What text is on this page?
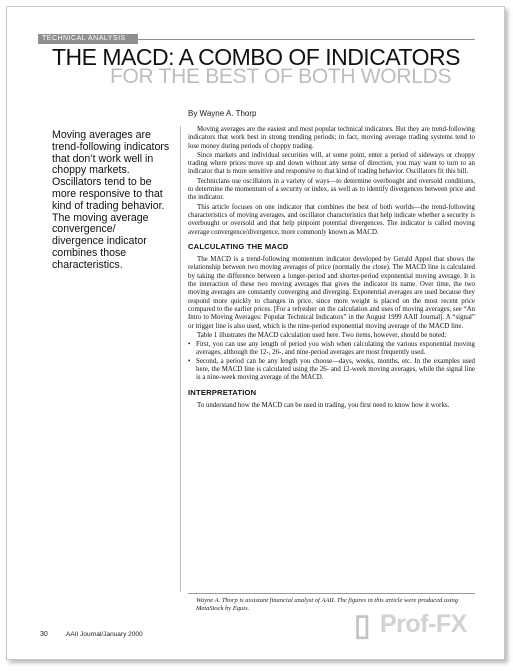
TECHNICAL ANALYSIS
THE MACD: A COMBO OF INDICATORS
FOR THE BEST OF BOTH WORLDS
By Wayne A. Thorp

Moving averages are trend-following indicators that don’t work well in choppy markets. Oscillators tend to be more responsive to that kind of trading behavior. The moving average convergence/ divergence indicator combines those characteristics.

Moving averages are the easiest and most popular technical indicators. But they are trend-following indicators that work best in strong trending periods; in fact, moving average trading systems tend to lose money during periods of choppy trading.

Since markets and individual securities will, at some point, enter a period of sideways or choppy trading where prices move up and down without any sense of direction, you may want to turn to an indicator that is more sensitive and responsive to that kind of trading behavior. Oscillators fit this bill.

Technicians use oscillators in a variety of ways—to determine overbought and oversold conditions, to determine the momentum of a security or index, as well as to identify divergences between price and the indicator.

This article focuses on one indicator that combines the best of both worlds—the trend-following characteristics of moving averages, and oscillator characteristics that help indicate whether a security is overbought or oversold and that help pinpoint potential divergences. The indicator is called moving average convergence/divergence, more commonly known as MACD.

CALCULATING THE MACD

The MACD is a trend-following momentum indicator developed by Gerald Appel that shows the relationship between two moving averages of price (normally the close). The MACD line is calculated by taking the difference between a longer-period and shorter-period exponential moving average. It is the interaction of these two moving averages that gives the indicator its name. Over time, the two moving averages are constantly converging and diverging. Exponential averages are used because they respond more quickly to changes in price, since more weight is placed on the most recent price compared to the earlier prices. [For a refresher on the calculation and uses of moving averages, see “An Intro to Moving Averages: Popular Technical Indicators” in the August 1999 AAII Journal]. A “signal” or trigger line is also used, which is the nine-period exponential moving average of the MACD line.

Table 1 illustrates the MACD calculation used here. Two items, however, should be noted:

• First, you can use any length of period you wish when calculating the various exponential moving averages, although the 12-, 26-, and nine-period averages are most frequently used.
• Second, a period can be any length you choose—days, weeks, months, etc. In the examples used here, the MACD line is calculated using the 26- and 12-week moving averages, while the signal line is a nine-week moving average of the MACD.
INTERPRETATION

To understand how the MACD can be used in trading, you first need to know how it works.

Wayne A. Thorp is assistant financial analyst of AAII. The figures in this article were produced using MetaStock by Equis.
30	AAII Journal/January 2000	▯ Prof-FX
